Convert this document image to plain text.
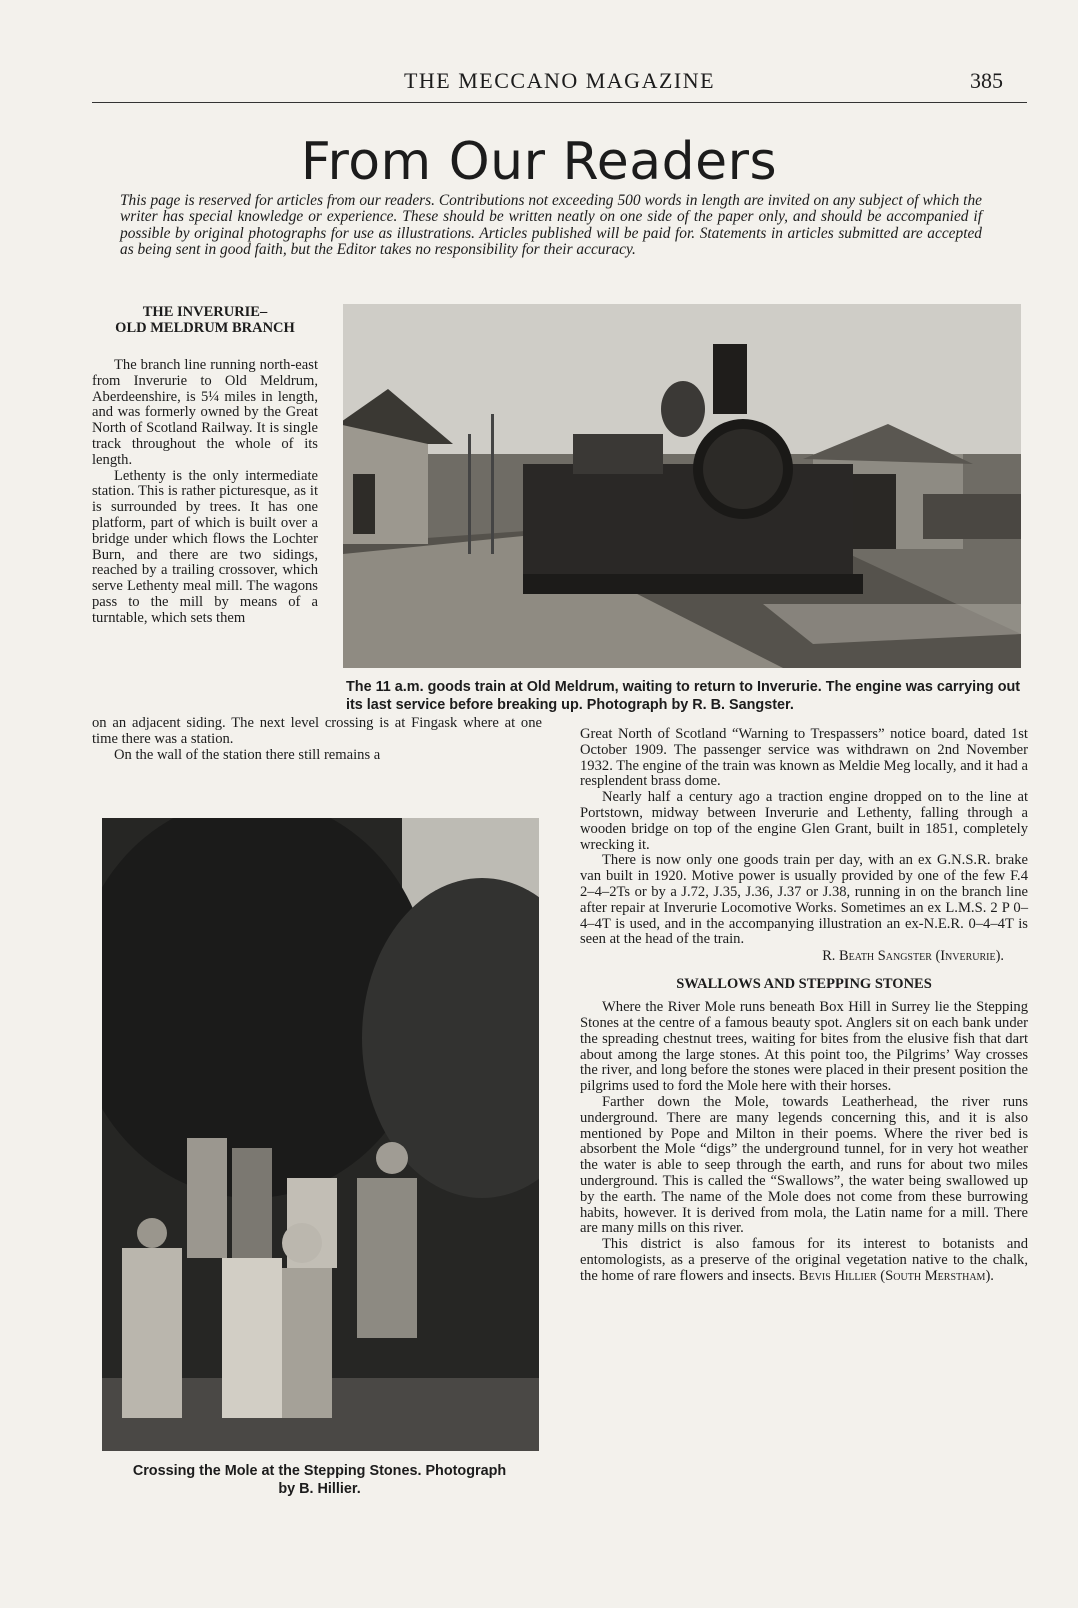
THE MECCANO MAGAZINE	385
From Our Readers
This page is reserved for articles from our readers. Contributions not exceeding 500 words in length are invited on any subject of which the writer has special knowledge or experience. These should be written neatly on one side of the paper only, and should be accompanied if possible by original photographs for use as illustrations. Articles published will be paid for. Statements in articles submitted are accepted as being sent in good faith, but the Editor takes no responsibility for their accuracy.
THE INVERURIE–
OLD MELDRUM BRANCH

The branch line running north-east from Inverurie to Old Meldrum, Aberdeenshire, is 5¼ miles in length, and was formerly owned by the Great North of Scotland Railway. It is single track throughout the whole of its length.

Lethenty is the only intermediate station. This is rather picturesque, as it is surrounded by trees. It has one platform, part of which is built over a bridge under which flows the Lochter Burn, and there are two sidings, reached by a trailing crossover, which serve Lethenty meal mill. The wagons pass to the mill by means of a turntable, which sets them

The 11 a.m. goods train at Old Meldrum, waiting to return to Inverurie. The engine was carrying out its last service before breaking up. Photograph by R. B. Sangster.
on an adjacent siding. The next level crossing is at Fingask where at one time there was a station.

On the wall of the station there still remains a

Crossing the Mole at the Stepping Stones. Photograph
by B. Hillier.
Great North of Scotland “Warning to Trespassers” notice board, dated 1st October 1909. The passenger service was withdrawn on 2nd November 1932. The engine of the train was known as Meldie Meg locally, and it had a resplendent brass dome.

Nearly half a century ago a traction engine dropped on to the line at Portstown, midway between Inverurie and Lethenty, falling through a wooden bridge on top of the engine Glen Grant, built in 1851, completely wrecking it.

There is now only one goods train per day, with an ex G.N.S.R. brake van built in 1920. Motive power is usually provided by one of the few F.4 2–4–2Ts or by a J.72, J.35, J.36, J.37 or J.38, running in on the branch line after repair at Inverurie Locomotive Works. Sometimes an ex L.M.S. 2 P 0–4–4T is used, and in the accompanying illustration an ex-N.E.R. 0–4–4T is seen at the head of the train.

R. Beath Sangster (Inverurie).
SWALLOWS AND STEPPING STONES

Where the River Mole runs beneath Box Hill in Surrey lie the Stepping Stones at the centre of a famous beauty spot. Anglers sit on each bank under the spreading chestnut trees, waiting for bites from the elusive fish that dart about among the large stones. At this point too, the Pilgrims’ Way crosses the river, and long before the stones were placed in their present position the pilgrims used to ford the Mole here with their horses.

Farther down the Mole, towards Leatherhead, the river runs underground. There are many legends concerning this, and it is also mentioned by Pope and Milton in their poems. Where the river bed is absorbent the Mole “digs” the underground tunnel, for in very hot weather the water is able to seep through the earth, and runs for about two miles underground. This is called the “Swallows”, the water being swallowed up by the earth. The name of the Mole does not come from these burrowing habits, however. It is derived from mola, the Latin name for a mill. There are many mills on this river.

This district is also famous for its interest to botanists and entomologists, as a preserve of the original vegetation native to the chalk, the home of rare flowers and insects. Bevis Hillier (South Merstham).
